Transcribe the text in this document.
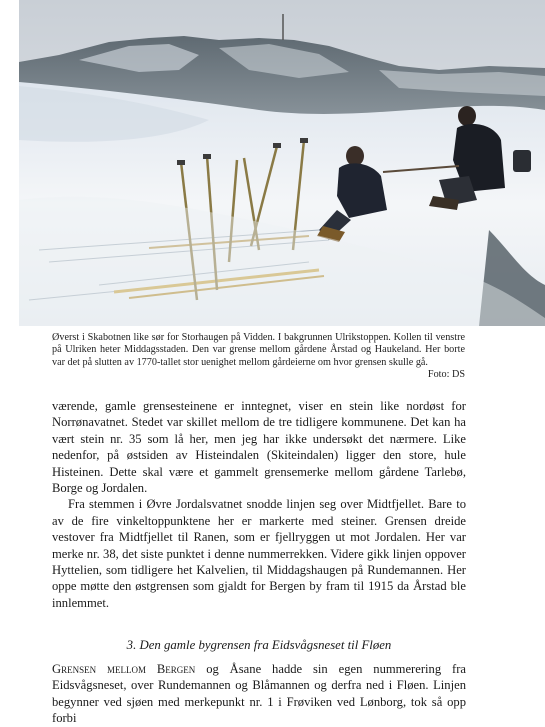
Øverst i Skabotnen like sør for Storhaugen på Vidden. I bakgrunnen Ulrikstoppen. Kollen til venstre på Ulriken heter Middagsstaden. Den var grense mellom gårdene Årstad og Haukeland. Her borte var det på slutten av 1770-tallet stor uenighet mellom gårdeierne om hvor grensen skulle gå.
Foto: DS

værende, gamle grensesteinene er inntegnet, viser en stein like nordøst for Norrønavatnet. Stedet var skillet mellom de tre tidligere kommunene. Det kan ha vært stein nr. 35 som lå her, men jeg har ikke undersøkt det nærmere. Like nedenfor, på østsiden av Histeindalen (Skiteindalen) ligger den store, hule Histeinen. Dette skal være et gammelt grensemerke mellom gårdene Tarlebø, Borge og Jordalen.

Fra stemmen i Øvre Jordalsvatnet snodde linjen seg over Midtfjellet. Bare to av de fire vinkeltoppunktene her er markerte med steiner. Grensen dreide vestover fra Midtfjellet til Ranen, som er fjellryggen ut mot Jordalen. Her var merke nr. 38, det siste punktet i denne nummerrekken. Videre gikk linjen oppover Hyttelien, som tidligere het Kalvelien, til Middagshaugen på Rundemannen. Her oppe møtte den østgrensen som gjaldt for Bergen by fram til 1915 da Årstad ble innlemmet.

3. Den gamle bygrensen fra Eidsvågsneset til Fløen

Grensen mellom Bergen og Åsane hadde sin egen nummerering fra Eidsvågsneset, over Rundemannen og Blåmannen og derfra ned i Fløen. Linjen begynner ved sjøen med merkepunkt nr. 1 i Frøviken ved Lønborg, tok så opp forbi
